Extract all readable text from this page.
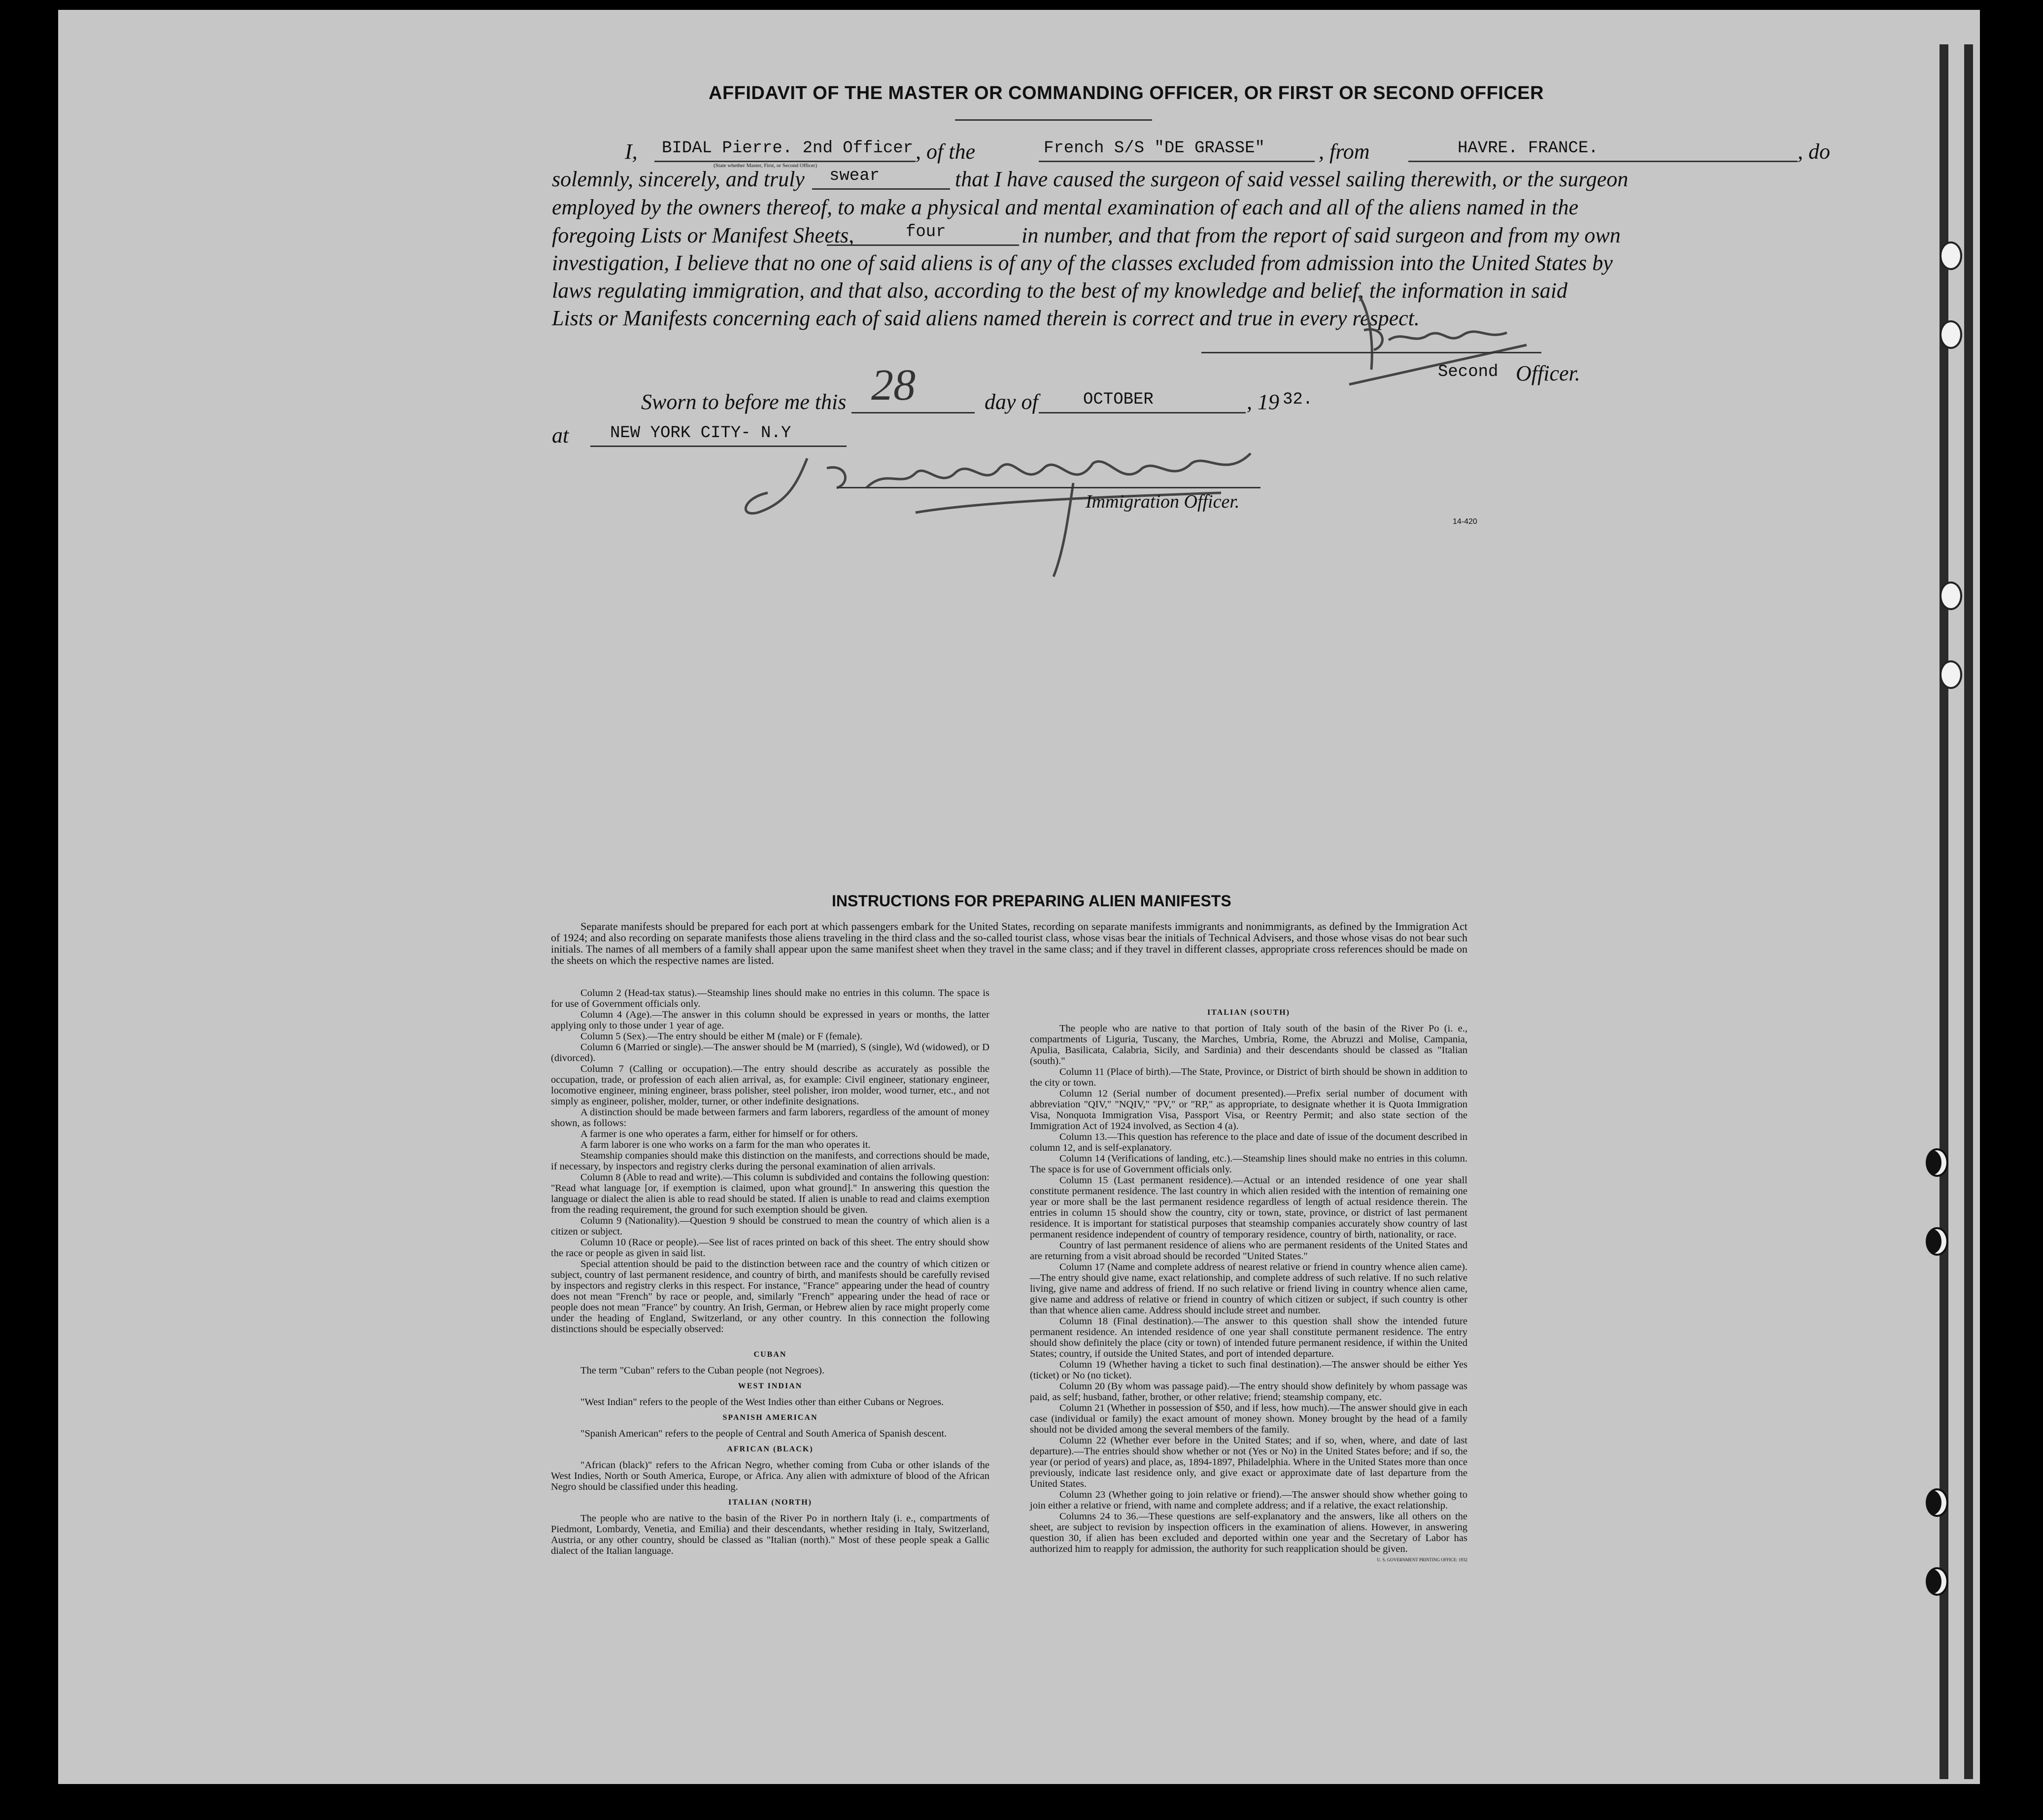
AFFIDAVIT OF THE MASTER OR COMMANDING OFFICER, OR FIRST OR SECOND OFFICER
I, BIDAL Pierre. 2nd Officer
(State whether Master, First, or Second Officer)
, of the	French S/S "DE GRASSE" , from	HAVRE. FRANCE.	, do
solemnly, sincerely, and truly swear	that I have caused the surgeon of said vessel sailing therewith, or the surgeon
employed by the owners thereof, to make a physical and mental examination of each and all of the aliens named in the
foregoing Lists or Manifest Sheets,	four	in number, and that from the report of said surgeon and from my own
investigation, I believe that no one of said aliens is of any of the classes excluded from admission into the United States by
laws regulating immigration, and that also, according to the best of my knowledge and belief, the information in said
Lists or Manifests concerning each of said aliens named therein is correct and true in every respect.
Second Officer.
Sworn to before me this 28	day of	OCTOBER	, 19 32.
at NEW YORK CITY- N.Y
Immigration Officer.
14-420
INSTRUCTIONS FOR PREPARING ALIEN MANIFESTS
Separate manifests should be prepared for each port at which passengers embark for the United States, recording on separate manifests immigrants and nonimmigrants, as defined by the Immigration Act of 1924; and also recording on separate manifests those aliens traveling in the third class and the so-called tourist class, whose visas bear the initials of Technical Advisers, and those whose visas do not bear such initials. The names of all members of a family shall appear upon the same manifest sheet when they travel in the same class; and if they travel in different classes, appropriate cross references should be made on the sheets on which the respective names are listed.

Column 2 (Head-tax status).—Steamship lines should make no entries in this column. The space is for use of Government officials only.

Column 4 (Age).—The answer in this column should be expressed in years or months, the latter applying only to those under 1 year of age.

Column 5 (Sex).—The entry should be either M (male) or F (female).

Column 6 (Married or single).—The answer should be M (married), S (single), Wd (widowed), or D (divorced).

Column 7 (Calling or occupation).—The entry should describe as accurately as possible the occupation, trade, or profession of each alien arrival, as, for example: Civil engineer, stationary engineer, locomotive engineer, mining engineer, brass polisher, steel polisher, iron molder, wood turner, etc., and not simply as engineer, polisher, molder, turner, or other indefinite designations.

A distinction should be made between farmers and farm laborers, regardless of the amount of money shown, as follows:

A farmer is one who operates a farm, either for himself or for others.

A farm laborer is one who works on a farm for the man who operates it.

Steamship companies should make this distinction on the manifests, and corrections should be made, if necessary, by inspectors and registry clerks during the personal examination of alien arrivals.

Column 8 (Able to read and write).—This column is subdivided and contains the following question: "Read what language [or, if exemption is claimed, upon what ground]." In answering this question the language or dialect the alien is able to read should be stated. If alien is unable to read and claims exemption from the reading requirement, the ground for such exemption should be given.

Column 9 (Nationality).—Question 9 should be construed to mean the country of which alien is a citizen or subject.

Column 10 (Race or people).—See list of races printed on back of this sheet. The entry should show the race or people as given in said list.

Special attention should be paid to the distinction between race and the country of which citizen or subject, country of last permanent residence, and country of birth, and manifests should be carefully revised by inspectors and registry clerks in this respect. For instance, "France" appearing under the head of country does not mean "French" by race or people, and, similarly "French" appearing under the head of race or people does not mean "France" by country. An Irish, German, or Hebrew alien by race might properly come under the heading of England, Switzerland, or any other country. In this connection the following distinctions should be especially observed:

CUBAN

The term "Cuban" refers to the Cuban people (not Negroes).

WEST INDIAN

"West Indian" refers to the people of the West Indies other than either Cubans or Negroes.

SPANISH AMERICAN

"Spanish American" refers to the people of Central and South America of Spanish descent.

AFRICAN (BLACK)

"African (black)" refers to the African Negro, whether coming from Cuba or other islands of the West Indies, North or South America, Europe, or Africa. Any alien with admixture of blood of the African Negro should be classified under this heading.

ITALIAN (NORTH)

The people who are native to the basin of the River Po in northern Italy (i. e., compartments of Piedmont, Lombardy, Venetia, and Emilia) and their descendants, whether residing in Italy, Switzerland, Austria, or any other country, should be classed as "Italian (north)." Most of these people speak a Gallic dialect of the Italian language.

ITALIAN (SOUTH)

The people who are native to that portion of Italy south of the basin of the River Po (i. e., compartments of Liguria, Tuscany, the Marches, Umbria, Rome, the Abruzzi and Molise, Campania, Apulia, Basilicata, Calabria, Sicily, and Sardinia) and their descendants should be classed as "Italian (south)."

Column 11 (Place of birth).—The State, Province, or District of birth should be shown in addition to the city or town.

Column 12 (Serial number of document presented).—Prefix serial number of document with abbreviation "QIV," "NQIV," "PV," or "RP," as appropriate, to designate whether it is Quota Immigration Visa, Nonquota Immigration Visa, Passport Visa, or Reentry Permit; and also state section of the Immigration Act of 1924 involved, as Section 4 (a).

Column 13.—This question has reference to the place and date of issue of the document described in column 12, and is self-explanatory.

Column 14 (Verifications of landing, etc.).—Steamship lines should make no entries in this column. The space is for use of Government officials only.

Column 15 (Last permanent residence).—Actual or an intended residence of one year shall constitute permanent residence. The last country in which alien resided with the intention of remaining one year or more shall be the last permanent residence regardless of length of actual residence therein. The entries in column 15 should show the country, city or town, state, province, or district of last permanent residence. It is important for statistical purposes that steamship companies accurately show country of last permanent residence independent of country of temporary residence, country of birth, nationality, or race.

Country of last permanent residence of aliens who are permanent residents of the United States and are returning from a visit abroad should be recorded "United States."

Column 17 (Name and complete address of nearest relative or friend in country whence alien came).—The entry should give name, exact relationship, and complete address of such relative. If no such relative living, give name and address of friend. If no such relative or friend living in country whence alien came, give name and address of relative or friend in country of which citizen or subject, if such country is other than that whence alien came. Address should include street and number.

Column 18 (Final destination).—The answer to this question shall show the intended future permanent residence. An intended residence of one year shall constitute permanent residence. The entry should show definitely the place (city or town) of intended future permanent residence, if within the United States; country, if outside the United States, and port of intended departure.

Column 19 (Whether having a ticket to such final destination).—The answer should be either Yes (ticket) or No (no ticket).

Column 20 (By whom was passage paid).—The entry should show definitely by whom passage was paid, as self; husband, father, brother, or other relative; friend; steamship company, etc.

Column 21 (Whether in possession of $50, and if less, how much).—The answer should give in each case (individual or family) the exact amount of money shown. Money brought by the head of a family should not be divided among the several members of the family.

Column 22 (Whether ever before in the United States; and if so, when, where, and date of last departure).—The entries should show whether or not (Yes or No) in the United States before; and if so, the year (or period of years) and place, as, 1894-1897, Philadelphia. Where in the United States more than once previously, indicate last residence only, and give exact or approximate date of last departure from the United States.

Column 23 (Whether going to join relative or friend).—The answer should show whether going to join either a relative or friend, with name and complete address; and if a relative, the exact relationship.

Columns 24 to 36.—These questions are self-explanatory and the answers, like all others on the sheet, are subject to revision by inspection officers in the examination of aliens. However, in answering question 30, if alien has been excluded and deported within one year and the Secretary of Labor has authorized him to reapply for admission, the authority for such reapplication should be given.

U. S. GOVERNMENT PRINTING OFFICE: 1932
